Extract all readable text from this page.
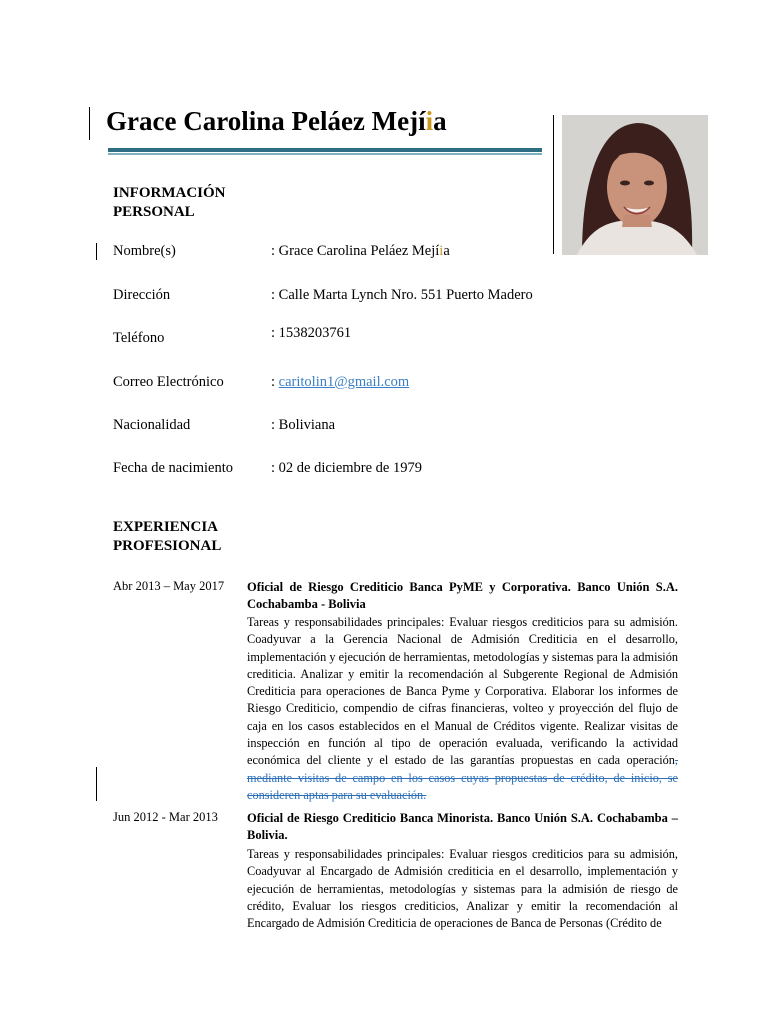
Grace Carolina Peláez Mejíia
INFORMACIÓN
PERSONAL
Nombre(s)	: Grace Carolina Peláez Mejíia
Dirección	: Calle Marta Lynch Nro. 551 Puerto Madero
Teléfono	: 1538203761
Correo Electrónico	: caritolin1@gmail.com
Nacionalidad	: Boliviana
Fecha de nacimiento	: 02 de diciembre de 1979
EXPERIENCIA
PROFESIONAL
Abr 2013 – May 2017 Oficial de Riesgo Crediticio Banca PyME y Corporativa. Banco Unión S.A. Cochabamba - Bolivia
Tareas y responsabilidades principales: Evaluar riesgos crediticios para su admisión. Coadyuvar a la Gerencia Nacional de Admisión Crediticia en el desarrollo, implementación y ejecución de herramientas, metodologías y sistemas para la admisión crediticia. Analizar y emitir la recomendación al Subgerente Regional de Admisión Crediticia para operaciones de Banca Pyme y Corporativa. Elaborar los informes de Riesgo Crediticio, compendio de cifras financieras, volteo y proyección del flujo de caja en los casos establecidos en el Manual de Créditos vigente. Realizar visitas de inspección en función al tipo de operación evaluada, verificando la actividad económica del cliente y el estado de las garantías propuestas en cada operación, mediante visitas de campo en los casos cuyas propuestas de crédito, de inicio, se consideren aptas para su evaluación.
Jun 2012 - Mar 2013 Oficial de Riesgo Crediticio Banca Minorista. Banco Unión S.A. Cochabamba – Bolivia.
Tareas y responsabilidades principales: Evaluar riesgos crediticios para su admisión, Coadyuvar al Encargado de Admisión crediticia en el desarrollo, implementación y ejecución de herramientas, metodologías y sistemas para la admisión de riesgo de crédito, Evaluar los riesgos crediticios, Analizar y emitir la recomendación al Encargado de Admisión Crediticia de operaciones de Banca de Personas (Crédito de
